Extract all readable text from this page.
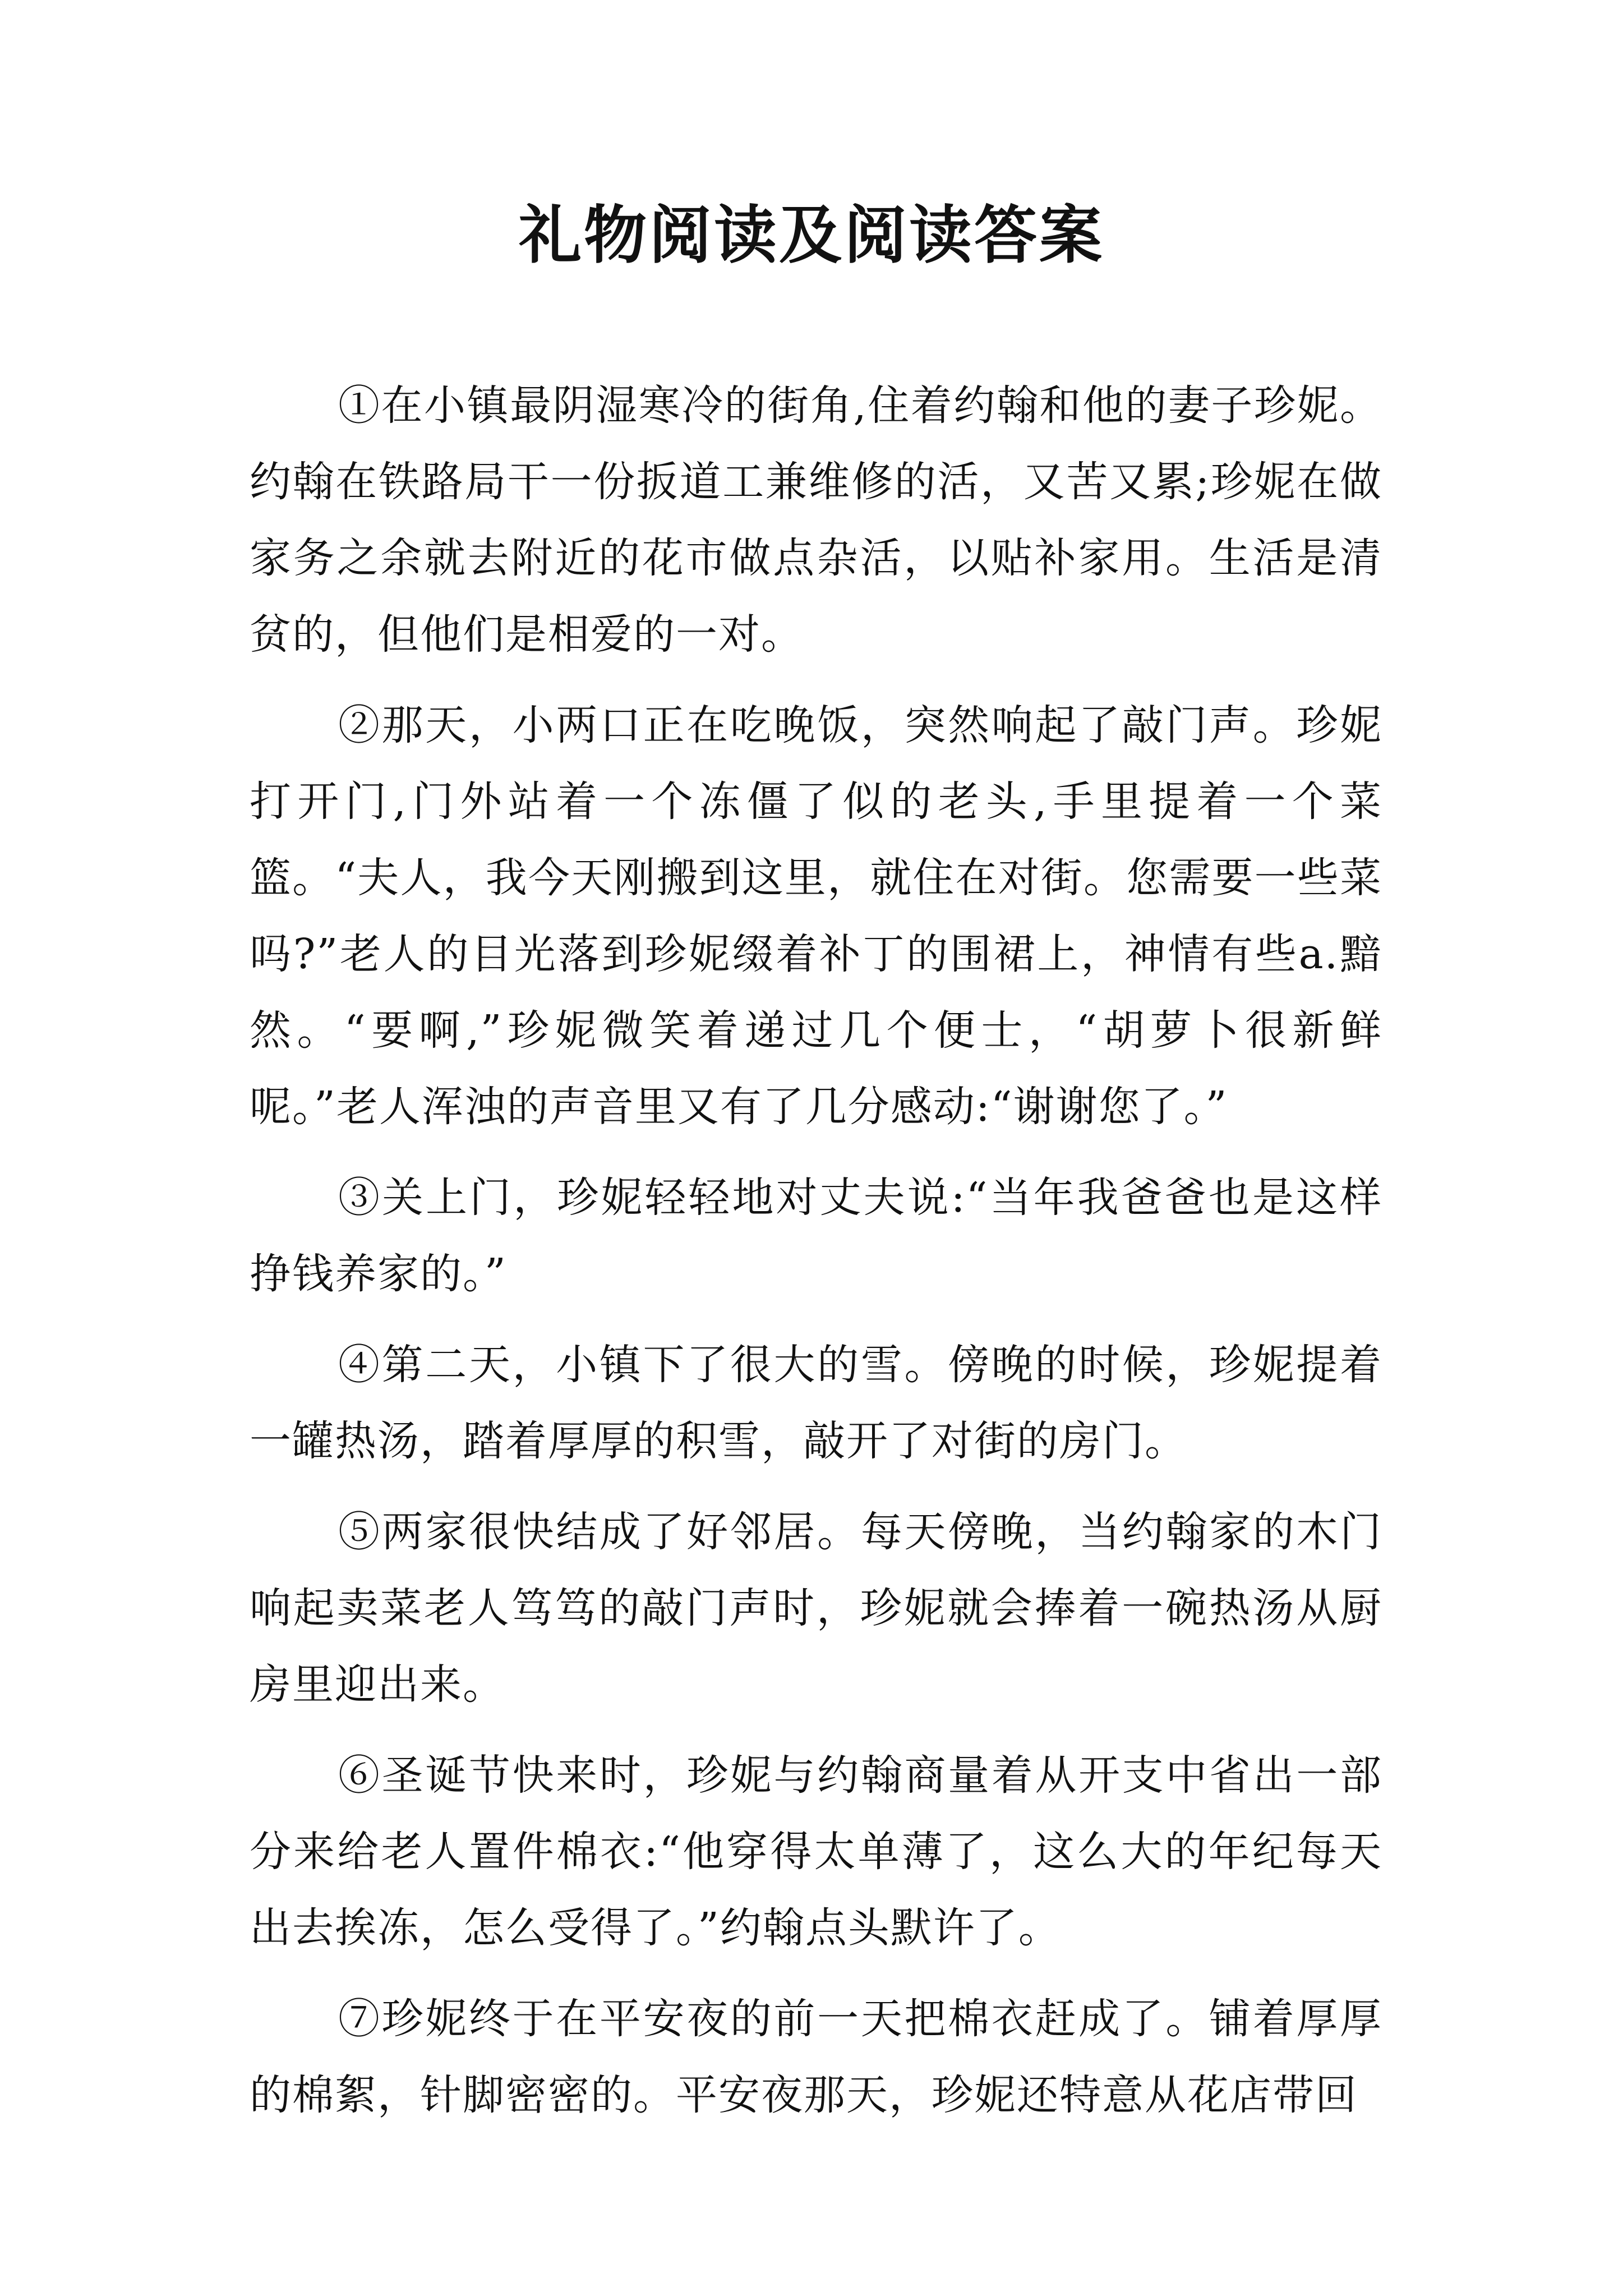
礼物阅读及阅读答案

①在小镇最阴湿寒冷的街角,住着约翰和他的妻子珍妮。约翰在铁路局干一份扳道工兼维修的活，又苦又累;珍妮在做家务之余就去附近的花市做点杂活，以贴补家用。生活是清贫的，但他们是相爱的一对。

②那天，小两口正在吃晚饭，突然响起了敲门声。珍妮打开门,门外站着一个冻僵了似的老头,手里提着一个菜篮。“夫人，我今天刚搬到这里，就住在对街。您需要一些菜吗?”老人的目光落到珍妮缀着补丁的围裙上，神情有些a.黯然。“要啊,”珍妮微笑着递过几个便士，“胡萝卜很新鲜呢。”老人浑浊的声音里又有了几分感动:“谢谢您了。”

③关上门，珍妮轻轻地对丈夫说:“当年我爸爸也是这样挣钱养家的。”

④第二天，小镇下了很大的雪。傍晚的时候，珍妮提着一罐热汤，踏着厚厚的积雪，敲开了对街的房门。

⑤两家很快结成了好邻居。每天傍晚，当约翰家的木门响起卖菜老人笃笃的敲门声时，珍妮就会捧着一碗热汤从厨房里迎出来。

⑥圣诞节快来时，珍妮与约翰商量着从开支中省出一部分来给老人置件棉衣:“他穿得太单薄了，这么大的年纪每天出去挨冻，怎么受得了。”约翰点头默许了。

⑦珍妮终于在平安夜的前一天把棉衣赶成了。铺着厚厚的棉絮，针脚密密的。平安夜那天，珍妮还特意从花店带回
